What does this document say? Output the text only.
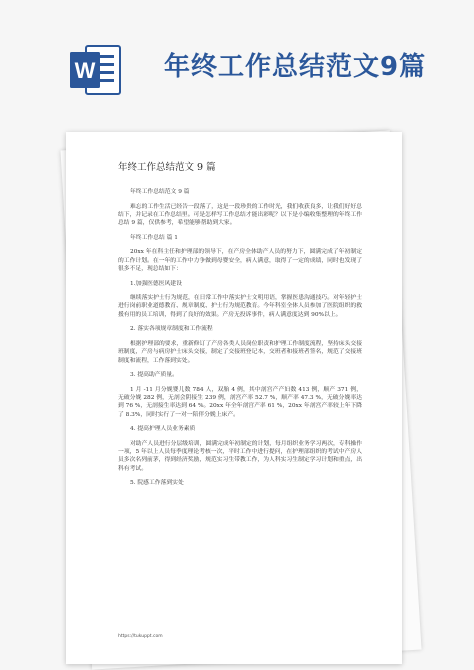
W	年终工作总结范文9篇
年终工作总结范文 9 篇
年终工作总结范文 9 篇
难忘的工作生活已经告一段落了，这是一段珍贵的工作时光，我们收获良多，让我们好好总结下，并记录在工作总结里。可是怎样写工作总结才能出彩呢？以下是小编收集整理的年终工作总结 9 篇，仅供参考，希望能够帮助到大家。
年终工作总结 篇 1
20xx 年在科主任和护理部的领导下，在产房全体助产人员的努力下，圆满完成了年初制定的工作计划。在一年的工作中力争做到母婴安全，病人满意，取得了一定的成绩，同时也发现了很多不足，现总结如下：
1.加强医德医风建设
继续落实护士行为规范，在日常工作中落实护士文明用语，掌握医患沟通技巧。对年轻护士进行岗前职业道德教育、规章制度、护士行为规范教育。今年科室全体人员参加了医院组织的救援有用的员工培训，得到了良好的效果。产房无投诉事件，病人满意度达到 90%以上。
2. 落实各项规章制度和工作流程
根据护理部的要求，重新修订了产房各类人员岗位职责和护理工作制度流程，坚持床头交接班制度，产房与病房护士床头交接，制定了交接班登记本，交班者和接班者签名，规范了交接班制度和流程，工作落到实处。
3. 提高助产质量。
1 月 -11 月分娩婴儿数 784 人，双胎 4 例，其中剖宫产产妇数 413 例，顺产 371 例，无破分娩 282 例，无剖会阴接生 239 例，剖宫产率 52.7 %，顺产率 47.3 %，无破分娩率达到 76 %，无剖接生率达到 64 %。20xx 年全年剖宫产率 61 %，20xx 年剖宫产率较上年下降了 8.3%，同时实行了一对一陪伴分娩上床产。
4. 提高护理人员业务素质
对助产人员进行分层级培训，圆满完成年初制定的计划，每月组织业务学习两次，专科操作一项，5 年以上人员每季度理论考核一次，平时工作中进行提问，在护理部组织的考试中产房人员多次名列前茅，得到经济奖励，规范实习生带教工作，为人科实习生制定学习计划和重点，出科有考试。
5. 院感工作落到实处
https://tukuppt.com
